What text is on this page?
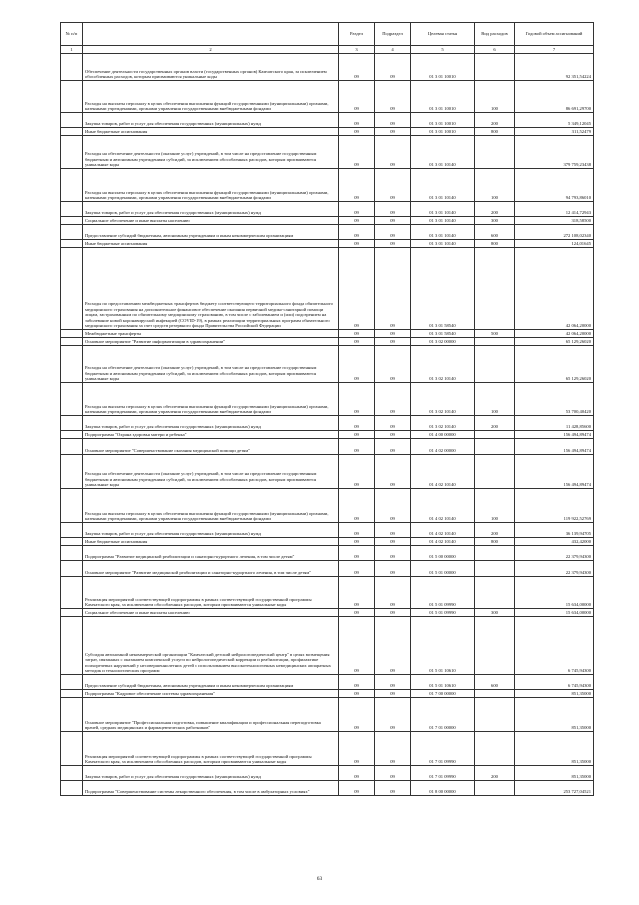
№ п/п		Раздел	Подраздел	Целевая статья	Вид расходов	Годовой объем ассигнований
1	2	3	4	5	6	7
	Обеспечение деятельности государственных органов власти (государственных органов) Камчатского края, за исключением обособленных расходов, которым присваиваются уникальные коды	09	09	01 3 01 10010		92 351,54224
	Расходы на выплаты персоналу в целях обеспечения выполнения функций государственными (муниципальными) органами, казенными учреждениями, органами управления государственными внебюджетными фондами	09	09	01 3 01 10010	100	86 691,29700
	Закупка товаров, работ и услуг для обеспечения государственных (муниципальных) нужд	09	09	01 3 01 10010	200	5 349,12045
	Иные бюджетные ассигнования	09	09	01 3 01 10010	800	311,52479
	Расходы на обеспечение деятельности (оказание услуг) учреждений, в том числе на предоставление государственным бюджетным и автономным учреждениям субсидий, за исключением обособленных расходов, которым присваиваются уникальные коды	09	09	01 3 01 10140		379 759,23438
	Расходы на выплаты персоналу в целях обеспечения выполнения функций государственными (муниципальными) органами, казенными учреждениями, органами управления государственными внебюджетными фондами	09	09	01 3 01 10140	100	94 793,86010
	Закупка товаров, работ и услуг для обеспечения государственных (муниципальных) нужд	09	09	01 3 01 10140	200	12 414,72943
	Социальное обеспечение и иные выплаты населению	09	09	01 3 01 10140	300	318,58500
	Предоставление субсидий бюджетным, автономным учреждениям и иным некоммерческим организациям	09	09	01 3 01 10140	600	272 108,02340
	Иные бюджетные ассигнования	09	09	01 3 01 10140	800	124,01645
	Расходы по предоставлению межбюджетных трансфертов бюджету соответствующего территориального фонда обязательного медицинского страхования на дополнительное финансовое обеспечение оказания первичной медико-санитарной помощи лицам, застрахованным по обязательному медицинскому страхованию, в том числе с заболеванием и (или) подозрением на заболевание новой коронавирусной инфекцией (COVID-19), в рамках реализации территориальных программ обязательного медицинского страхования за счет средств резервного фонда Правительства Российской Федерации	09	09	01 3 01 58540		42 064,20000
	Межбюджетные трансферты	09	09	01 3 01 58540	500	42 064,20000
	Основное мероприятие "Развитие информатизации в здравоохранении"	09	09	01 3 02 00000		65 129,26020
	Расходы на обеспечение деятельности (оказание услуг) учреждений, в том числе на предоставление государственным бюджетным и автономным учреждениям субсидий, за исключением обособленных расходов, которым присваиваются уникальные коды	09	09	01 3 02 10140		65 129,26020
	Расходы на выплаты персоналу в целях обеспечения выполнения функций государственными (муниципальными) органами, казенными учреждениями, органами управления государственными внебюджетными фондами	09	09	01 3 02 10140	100	53 700,40420
	Закупка товаров, работ и услуг для обеспечения государственных (муниципальных) нужд	09	09	01 3 02 10140	200	11 428,85600
	Подпрограмма "Охрана здоровья матери и ребенка"	09	09	01 4 00 00000		156 494,89474
	Основное мероприятие "Совершенствование оказания медицинской помощи детям"	09	09	01 4 02 00000		156 494,89474
	Расходы на обеспечение деятельности (оказание услуг) учреждений, в том числе на предоставление государственным бюджетным и автономным учреждениям субсидий, за исключением обособленных расходов, которым присваиваются уникальные коды	09	09	01 4 02 10140		156 494,89474
	Расходы на выплаты персоналу в целях обеспечения выполнения функций государственными (муниципальными) органами, казенными учреждениями, органами управления государственными внебюджетными фондами	09	09	01 4 02 10140	100	119 922,52769
	Закупка товаров, работ и услуг для обеспечения государственных (муниципальных) нужд	09	09	01 4 02 10140	200	36 139,94705
	Иные бюджетные ассигнования	09	09	01 4 02 10140	800	432,42000
	Подпрограмма "Развитие медицинской реабилитации и санаторно-курортного лечения, в том числе детям"	09	09	01 5 00 00000		22 379,94300
	Основное мероприятие "Развитие медицинской реабилитации и санаторно-курортного лечения, в том числе детям"	09	09	01 5 01 00000		22 379,94300
	Реализация мероприятий соответствующей подпрограммы в рамках соответствующей государственной программы Камчатского края, за исключением обособленных расходов, которым присваиваются уникальные коды	09	09	01 5 01 09990		15 634,00000
	Социальное обеспечение и иные выплаты населению	09	09	01 5 01 09990	300	15 634,00000
	Субсидия автономной некоммерческой организации "Камчатский детский нейрологопедический центр" в целях возмещения затрат, связанных с оказанием комплексной услуги по нейрологопедической коррекции и реабилитации, профилактике психоречевых нарушений у несовершеннолетних детей с использованием высокотехнологичных немедицинских аппаратных методик и технологических программ	09	09	01 5 01 10610		6 745,94300
	Предоставление субсидий бюджетным, автономным учреждениям и иным некоммерческим организациям	09	09	01 5 01 10610	600	6 745,94300
	Подпрограмма "Кадровое обеспечение системы здравоохранения"	09	09	01 7 00 00000		851,35000
	Основное мероприятие "Профессиональная подготовка, повышение квалификации и профессиональная переподготовка врачей, средних медицинских и фармацевтических работников"	09	09	01 7 01 00000		851,35000
	Реализация мероприятий соответствующей подпрограммы в рамках соответствующей государственной программы Камчатского края, за исключением обособленных расходов, которым присваиваются уникальные коды	09	09	01 7 01 09990		851,35000
	Закупка товаров, работ и услуг для обеспечения государственных (муниципальных) нужд	09	09	01 7 01 09990	200	851,35000
	Подпрограмма "Совершенствование системы лекарственного обеспечения, в том числе в амбулаторных условиях"	09	09	01 8 00 00000		253 727,04521
63
